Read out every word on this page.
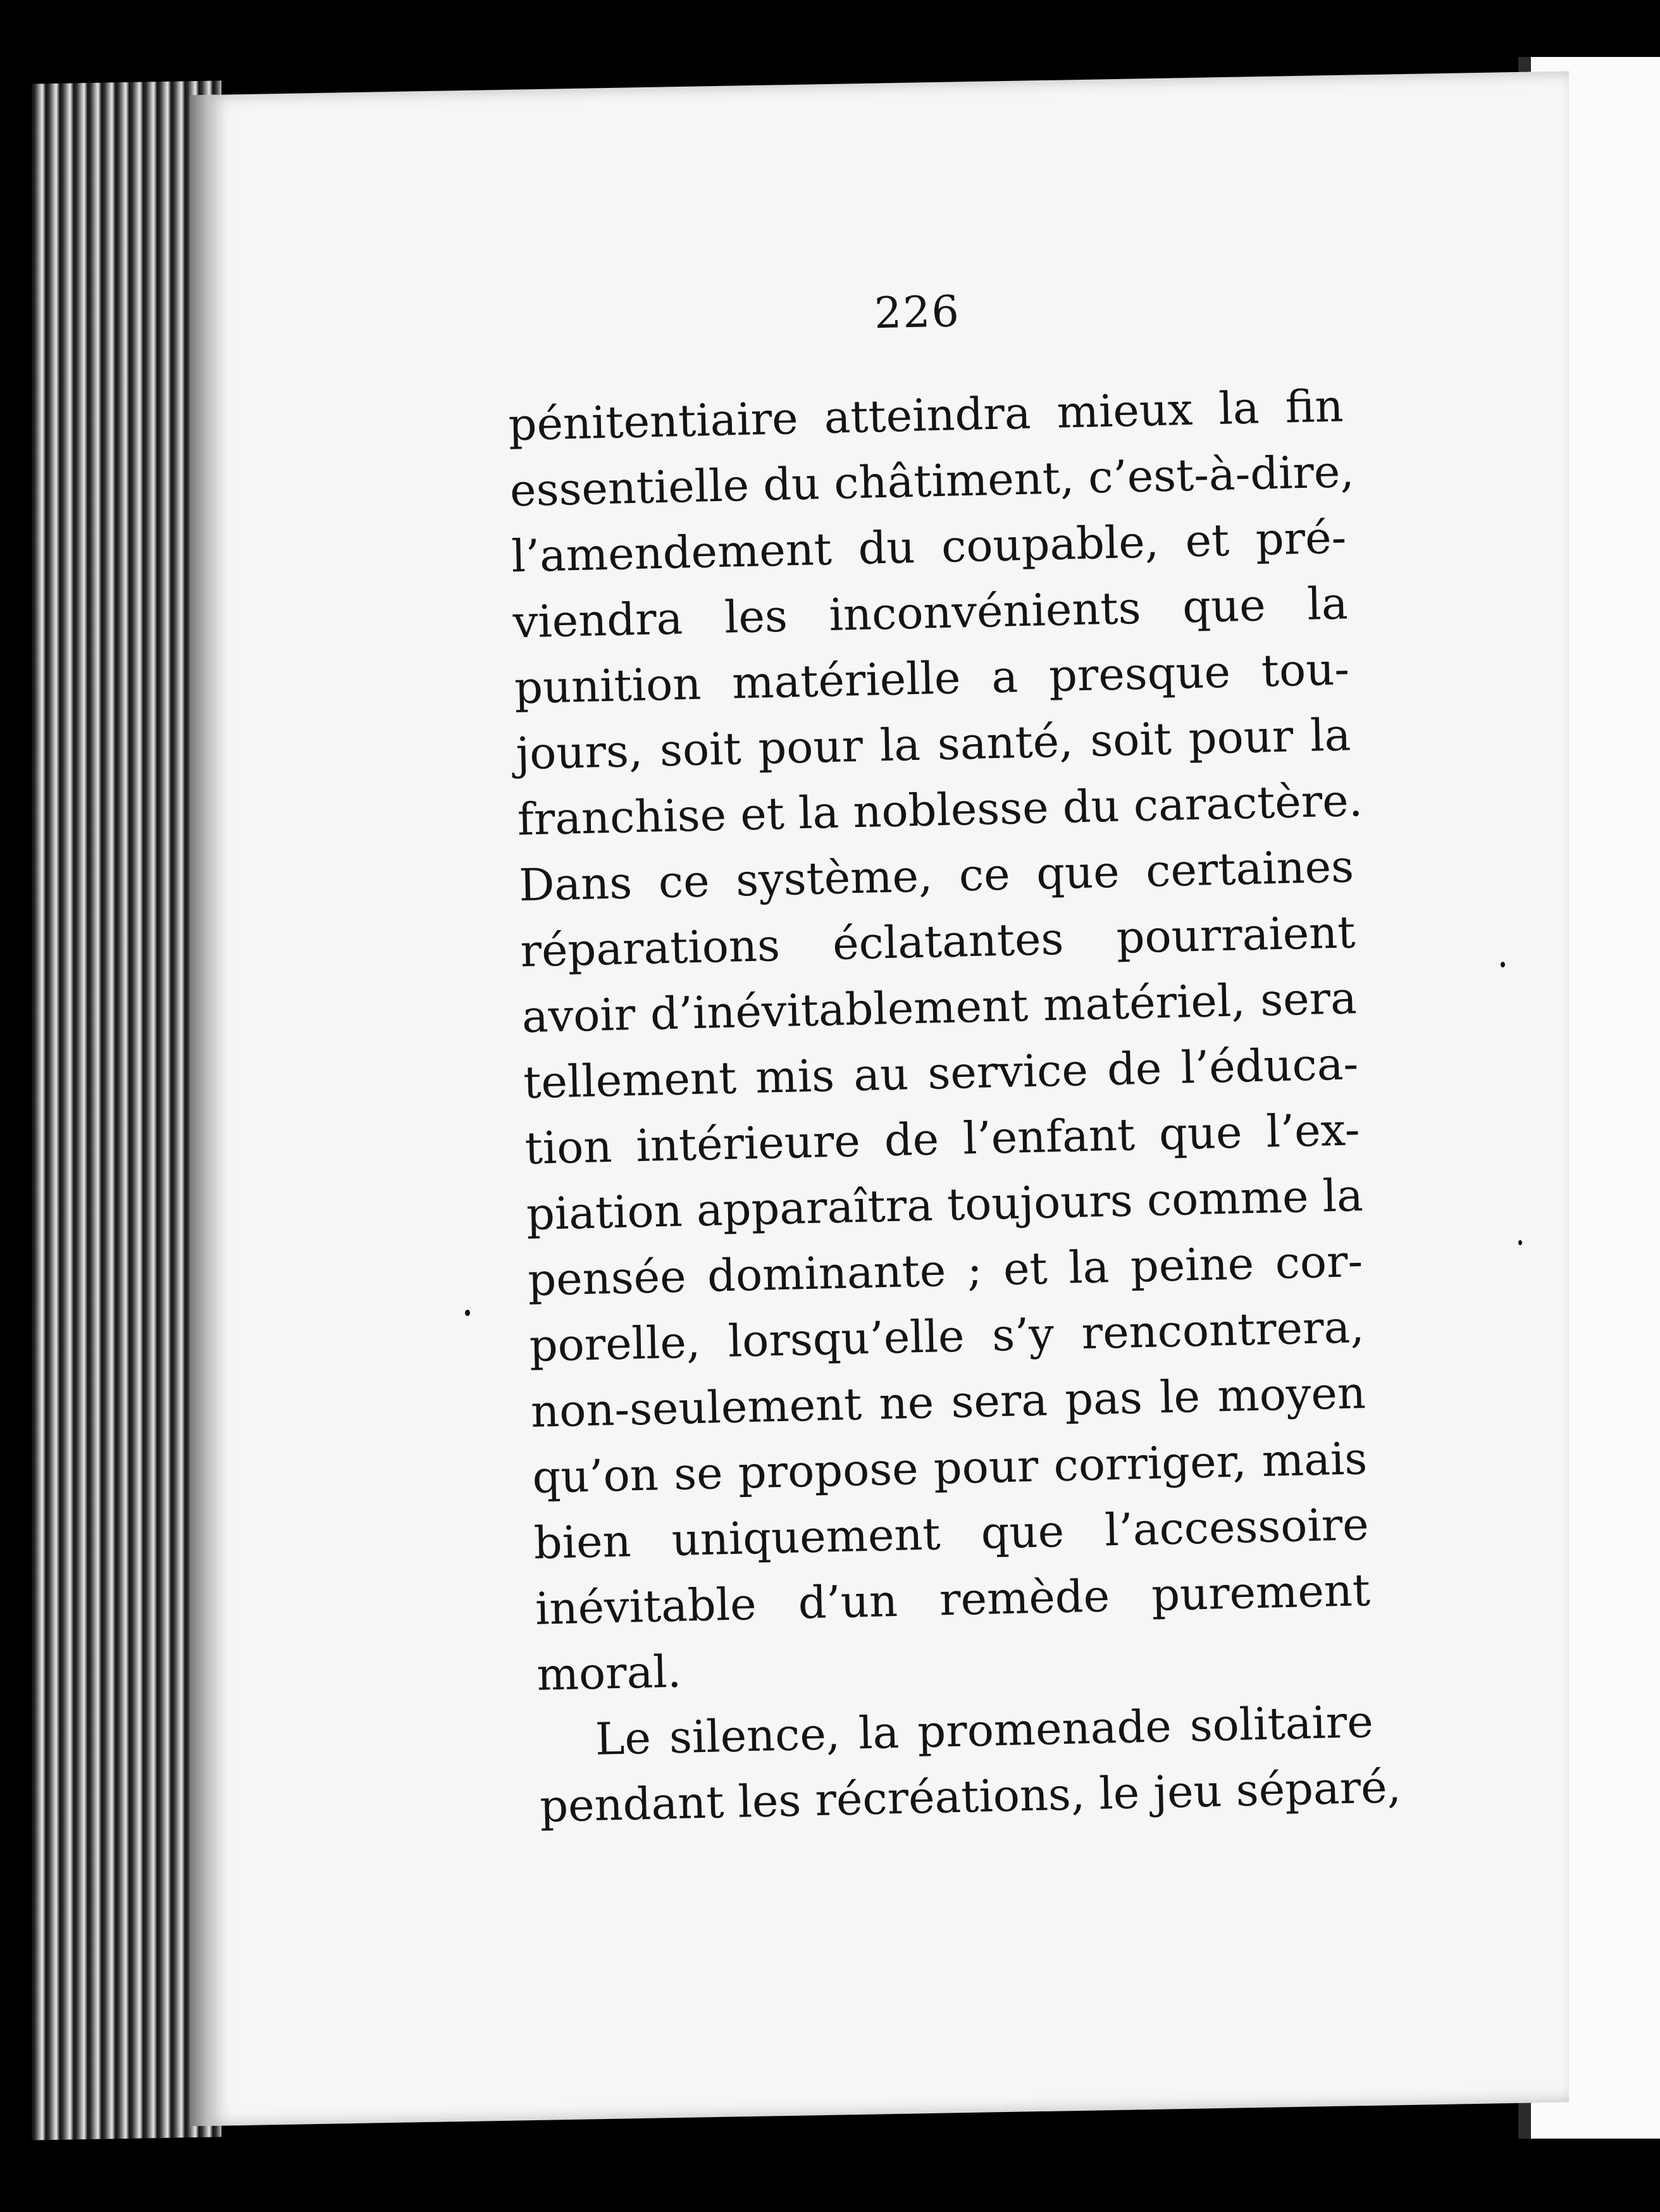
226
pénitentiaire atteindra mieux la fin
essentielle du châtiment, c’est-à-dire,
l’amendement du coupable, et pré-
viendra les inconvénients que la
punition matérielle a presque tou-
jours, soit pour la santé, soit pour la
franchise et la noblesse du caractère.
Dans ce système, ce que certaines
réparations éclatantes pourraient
avoir d’inévitablement matériel, sera
tellement mis au service de l’éduca-
tion intérieure de l’enfant que l’ex-
piation apparaîtra toujours comme la
pensée dominante ; et la peine cor-
porelle, lorsqu’elle s’y rencontrera,
non-seulement ne sera pas le moyen
qu’on se propose pour corriger, mais
bien uniquement que l’accessoire
inévitable d’un remède purement
moral.
Le silence, la promenade solitaire
pendant les récréations, le jeu séparé,
